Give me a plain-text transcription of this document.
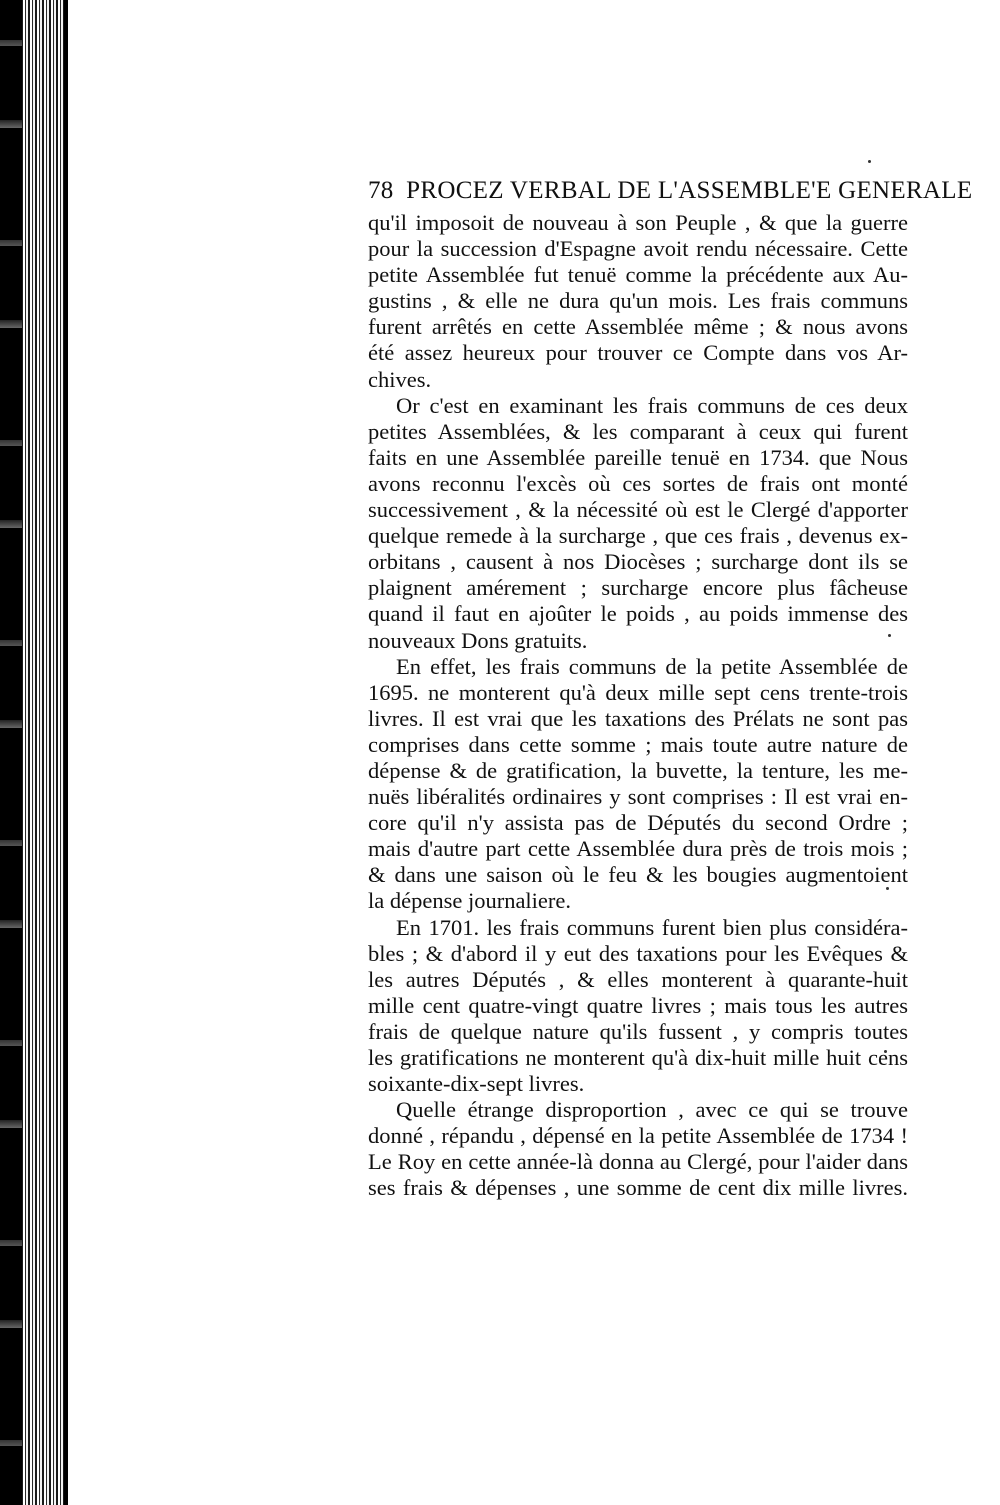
78 PROCEZ VERBAL DE L'ASSEMBLE'E GENERALE
qu'il imposoit de nouveau à son Peuple , & que la guerre
pour la succession d'Espagne avoit rendu nécessaire. Cette
petite Assemblée fut tenuë comme la précédente aux Au-
gustins , & elle ne dura qu'un mois. Les frais communs
furent arrêtés en cette Assemblée même ; & nous avons
été assez heureux pour trouver ce Compte dans vos Ar-
chives.
Or c'est en examinant les frais communs de ces deux
petites Assemblées, & les comparant à ceux qui furent
faits en une Assemblée pareille tenuë en 1734. que Nous
avons reconnu l'excès où ces sortes de frais ont monté
successivement , & la nécessité où est le Clergé d'apporter
quelque remede à la surcharge , que ces frais , devenus ex-
orbitans , causent à nos Diocèses ; surcharge dont ils se
plaignent amérement ; surcharge encore plus fâcheuse
quand il faut en ajoûter le poids , au poids immense des
nouveaux Dons gratuits.
En effet, les frais communs de la petite Assemblée de
1695. ne monterent qu'à deux mille sept cens trente-trois
livres. Il est vrai que les taxations des Prélats ne sont pas
comprises dans cette somme ; mais toute autre nature de
dépense & de gratification, la buvette, la tenture, les me-
nuës libéralités ordinaires y sont comprises : Il est vrai en-
core qu'il n'y assista pas de Députés du second Ordre ;
mais d'autre part cette Assemblée dura près de trois mois ;
& dans une saison où le feu & les bougies augmentoient
la dépense journaliere.
En 1701. les frais communs furent bien plus considéra-
bles ; & d'abord il y eut des taxations pour les Evêques &
les autres Députés , & elles monterent à quarante-huit
mille cent quatre-vingt quatre livres ; mais tous les autres
frais de quelque nature qu'ils fussent , y compris toutes
les gratifications ne monterent qu'à dix-huit mille huit cens
soixante-dix-sept livres.
Quelle étrange disproportion , avec ce qui se trouve
donné , répandu , dépensé en la petite Assemblée de 1734 !
Le Roy en cette année-là donna au Clergé, pour l'aider dans
ses frais & dépenses , une somme de cent dix mille livres.
